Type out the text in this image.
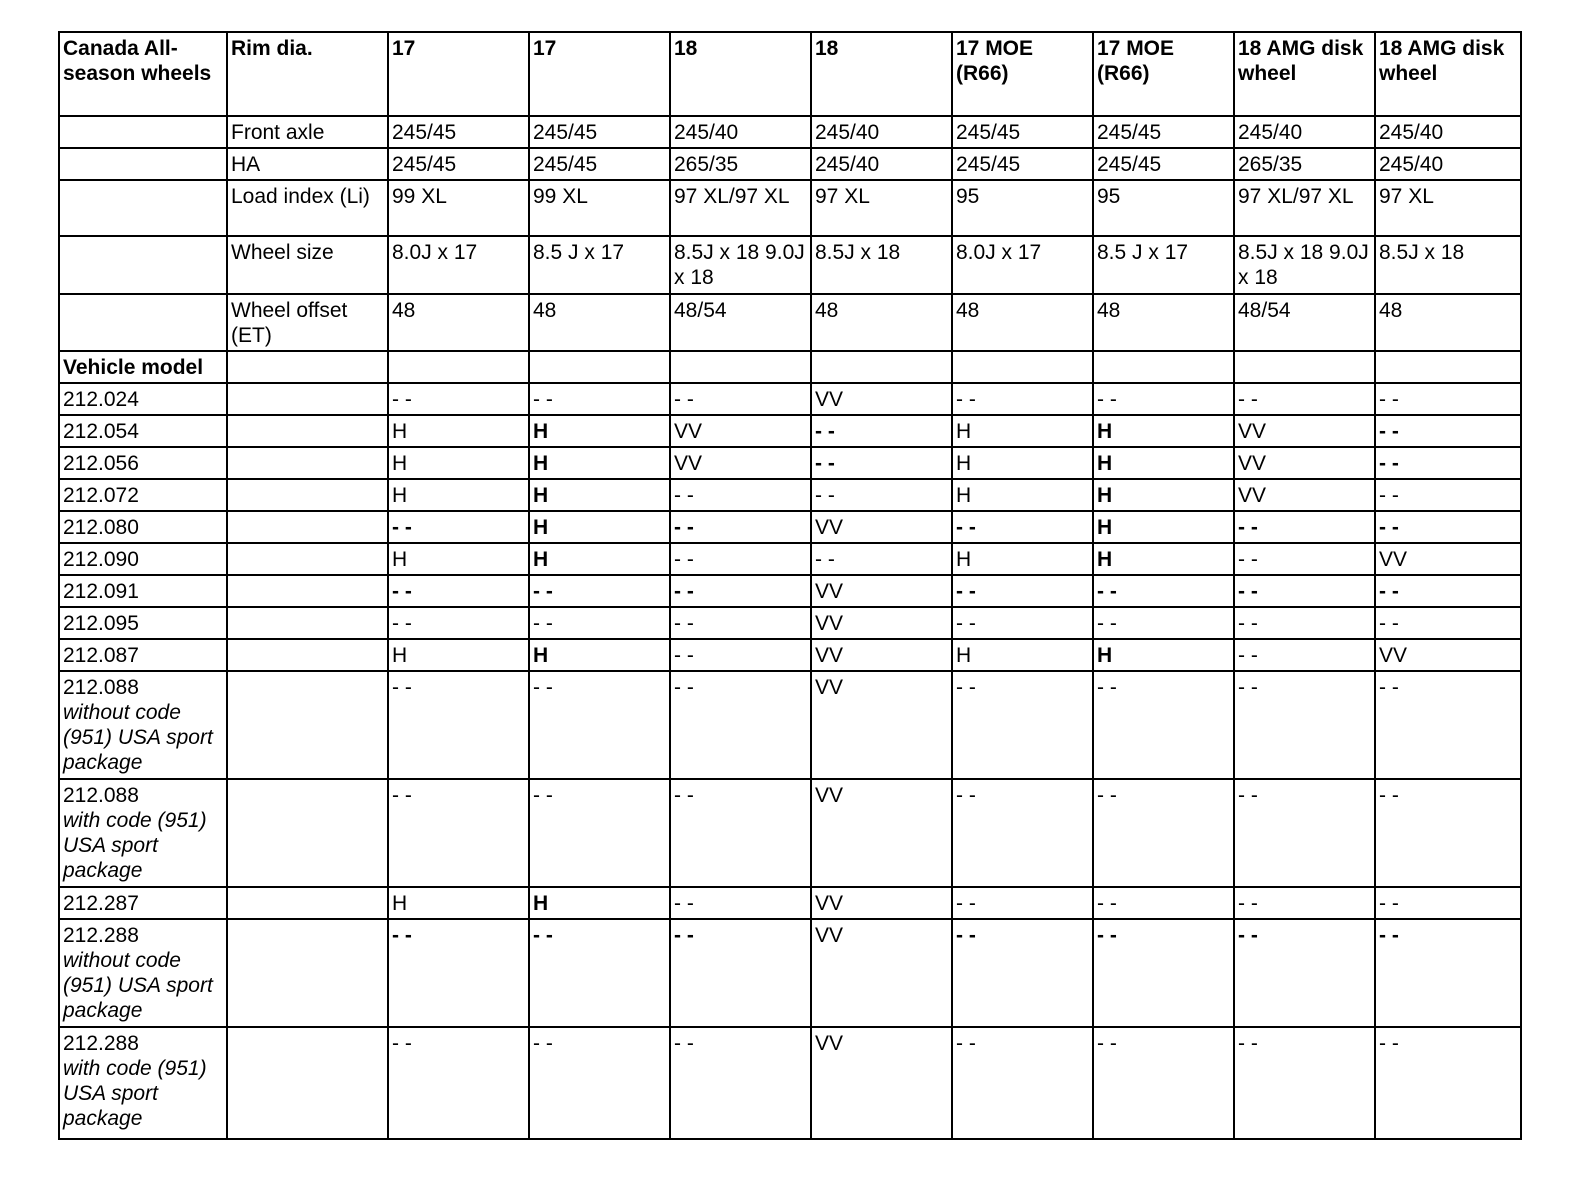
Canada All-season wheels	Rim dia.	17	17	18	18	17 MOE (R66)	17 MOE (R66)	18 AMG disk wheel	18 AMG disk wheel
	Front axle	245/45	245/45	245/40	245/40	245/45	245/45	245/40	245/40
	HA	245/45	245/45	265/35	245/40	245/45	245/45	265/35	245/40
	Load index (Li)	99 XL	99 XL	97 XL/97 XL	97 XL	95	95	97 XL/97 XL	97 XL
	Wheel size	8.0J x 17	8.5 J x 17	8.5J x 18 9.0J x 18	8.5J x 18	8.0J x 17	8.5 J x 17	8.5J x 18 9.0J x 18	8.5J x 18
	Wheel offset (ET)	48	48	48/54	48	48	48	48/54	48
Vehicle model									

212.024		- -	- -	- -	VV	- -	- -	- -	- -

212.054		H	H	VV	- -	H	H	VV	- -

212.056		H	H	VV	- -	H	H	VV	- -

212.072		H	H	- -	- -	H	H	VV	- -

212.080		- -	H	- -	VV	- -	H	- -	- -

212.090		H	H	- -	- -	H	H	- -	VV

212.091		- -	- -	- -	VV	- -	- -	- -	- -

212.095		- -	- -	- -	VV	- -	- -	- -	- -

212.087		H	H	- -	VV	H	H	- -	VV

212.088
without code
(951) USA sport
package		- -	- -	- -	VV	- -	- -	- -	- -

212.088
with code (951)
USA sport
package		- -	- -	- -	VV	- -	- -	- -	- -

212.287		H	H	- -	VV	- -	- -	- -	- -

212.288
without code
(951) USA sport
package		- -	- -	- -	VV	- -	- -	- -	- -

212.288
with code (951)
USA sport
package		- -	- -	- -	VV	- -	- -	- -	- -
